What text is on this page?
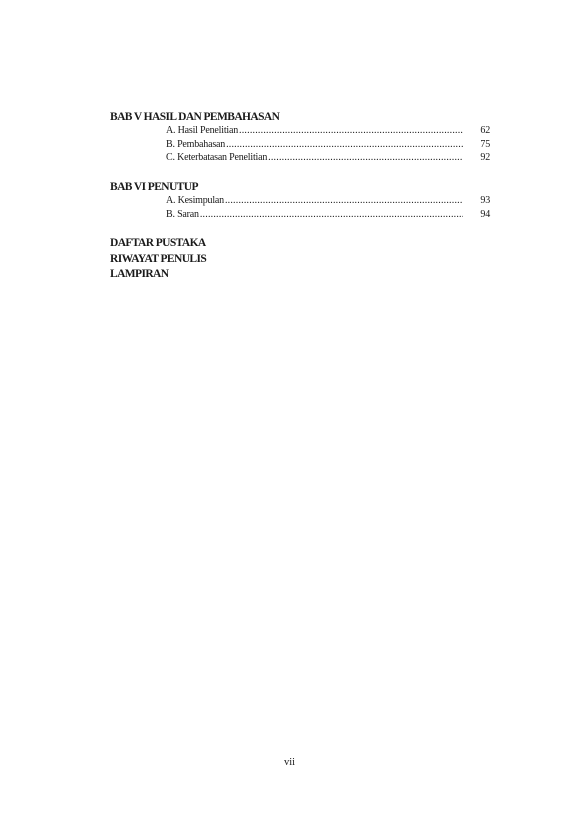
BAB V HASIL DAN PEMBAHASAN
A. Hasil Penelitian .....	62
B. Pembahasan .....	75
C. Keterbatasan Penelitian .....	92
BAB VI PENUTUP
A. Kesimpulan .....	93
B. Saran .....	94
DAFTAR PUSTAKA
RIWAYAT PENULIS
LAMPIRAN
vii
